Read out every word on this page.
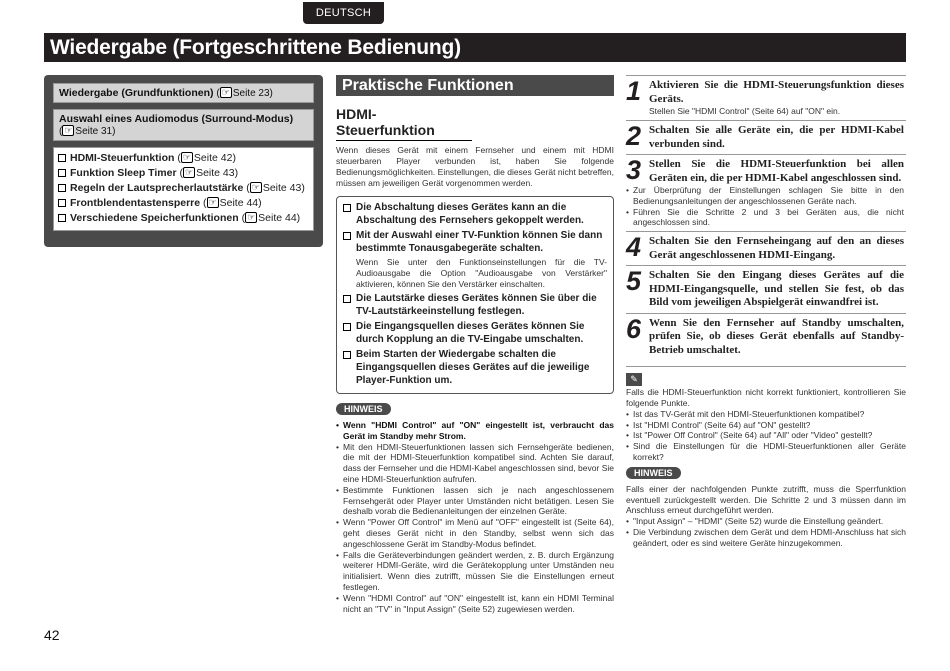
DEUTSCH
Wiedergabe (Fortgeschrittene Bedienung)
Wiedergabe (Grundfunktionen) ( ☞ Seite 23)
Auswahl eines Audiomodus (Surround-Modus)
( ☞ Seite 31)
HDMI-Steuerfunktion ( ☞ Seite 42)
Funktion Sleep Timer ( ☞ Seite 43)
Regeln der Lautsprecherlautstärke ( ☞ Seite 43)
Frontblendentastensperre ( ☞ Seite 44)
Verschiedene Speicherfunktionen ( ☞ Seite 44)
Praktische Funktionen
HDMI-Steuerfunktion

Wenn dieses Gerät mit einem Fernseher und einem mit HDMI steuerbaren Player verbunden ist, haben Sie folgende Bedienungsmöglichkeiten. Einstellungen, die dieses Gerät nicht betreffen, müssen am jeweiligen Gerät vorgenommen werden.

Die Abschaltung dieses Gerätes kann an die Abschaltung des Fernsehers gekoppelt werden.
Mit der Auswahl einer TV-Funktion können Sie dann bestimmte Tonausgabegeräte schalten.

Wenn Sie unter den Funktionseinstellungen für die TV-Audioausgabe die Option "Audioausgabe von Verstärker" aktivieren, können Sie den Verstärker einschalten.

Die Lautstärke dieses Gerätes können Sie über die TV-Lautstärkeeinstellung festlegen.
Die Eingangsquellen dieses Gerätes können Sie durch Kopplung an die TV-Eingabe umschalten.
Beim Starten der Wiedergabe schalten die Eingangsquellen dieses Gerätes auf die jeweilige Player-Funktion um.
HINWEIS

• Wenn "HDMI Control" auf "ON" eingestellt ist, verbraucht das Gerät im Standby mehr Strom.

• Mit den HDMI-Steuerfunktionen lassen sich Fernsehgeräte bedienen, die mit der HDMI-Steuerfunktion kompatibel sind. Achten Sie darauf, dass der Fernseher und die HDMI-Kabel angeschlossen sind, bevor Sie eine HDMI-Steuerfunktion aufrufen.

• Bestimmte Funktionen lassen sich je nach angeschlossenem Fernsehgerät oder Player unter Umständen nicht betätigen. Lesen Sie deshalb vorab die Bedienanleitungen der einzelnen Geräte.

• Wenn "Power Off Control" im Menü auf "OFF" eingestellt ist (Seite 64), geht dieses Gerät nicht in den Standby, selbst wenn sich das angeschlossene Gerät im Standby-Modus befindet.

• Falls die Geräteverbindungen geändert werden, z. B. durch Ergänzung weiterer HDMI-Geräte, wird die Gerätekopplung unter Umständen neu initialisiert. Wenn dies zutrifft, müssen Sie die Einstellungen erneut festlegen.

• Wenn "HDMI Control" auf "ON" eingestellt ist, kann ein HDMI Terminal nicht an "TV" in "Input Assign" (Seite 52) zugewiesen werden.

1 Aktivieren Sie die HDMI-Steuerungsfunktion dieses Geräts.

Stellen Sie "HDMI Control" (Seite 64) auf "ON" ein.

2 Schalten Sie alle Geräte ein, die per HDMI-Kabel verbunden sind.

3 Stellen Sie die HDMI-Steuerfunktion bei allen Geräten ein, die per HDMI-Kabel angeschlossen sind.

• Zur Überprüfung der Einstellungen schlagen Sie bitte in den Bedienungsanleitungen der angeschlossenen Geräte nach.

• Führen Sie die Schritte 2 und 3 bei Geräten aus, die nicht angeschlossen sind.

4 Schalten Sie den Fernseheingang auf den an dieses Gerät angeschlossenen HDMI-Eingang.

5 Schalten Sie den Eingang dieses Gerätes auf die HDMI-Eingangsquelle, und stellen Sie fest, ob das Bild vom jeweiligen Abspielgerät einwandfrei ist.

6 Wenn Sie den Fernseher auf Standby umschalten, prüfen Sie, ob dieses Gerät ebenfalls auf Standby-Betrieb umschaltet.

✎

Falls die HDMI-Steuerfunktion nicht korrekt funktioniert, kontrollieren Sie folgende Punkte.

• Ist das TV-Gerät mit den HDMI-Steuerfunktionen kompatibel?

• Ist "HDMI Control" (Seite 64) auf "ON" gestellt?

• Ist "Power Off Control" (Seite 64) auf "All" oder "Video" gestellt?

• Sind die Einstellungen für die HDMI-Steuerfunktionen aller Geräte korrekt?

HINWEIS

Falls einer der nachfolgenden Punkte zutrifft, muss die Sperrfunktion eventuell zurückgestellt werden. Die Schritte 2 und 3 müssen dann im Anschluss erneut durchgeführt werden.

• "Input Assign" – "HDMI" (Seite 52) wurde die Einstellung geändert.

• Die Verbindung zwischen dem Gerät und dem HDMI-Anschluss hat sich geändert, oder es sind weitere Geräte hinzugekommen.

42
